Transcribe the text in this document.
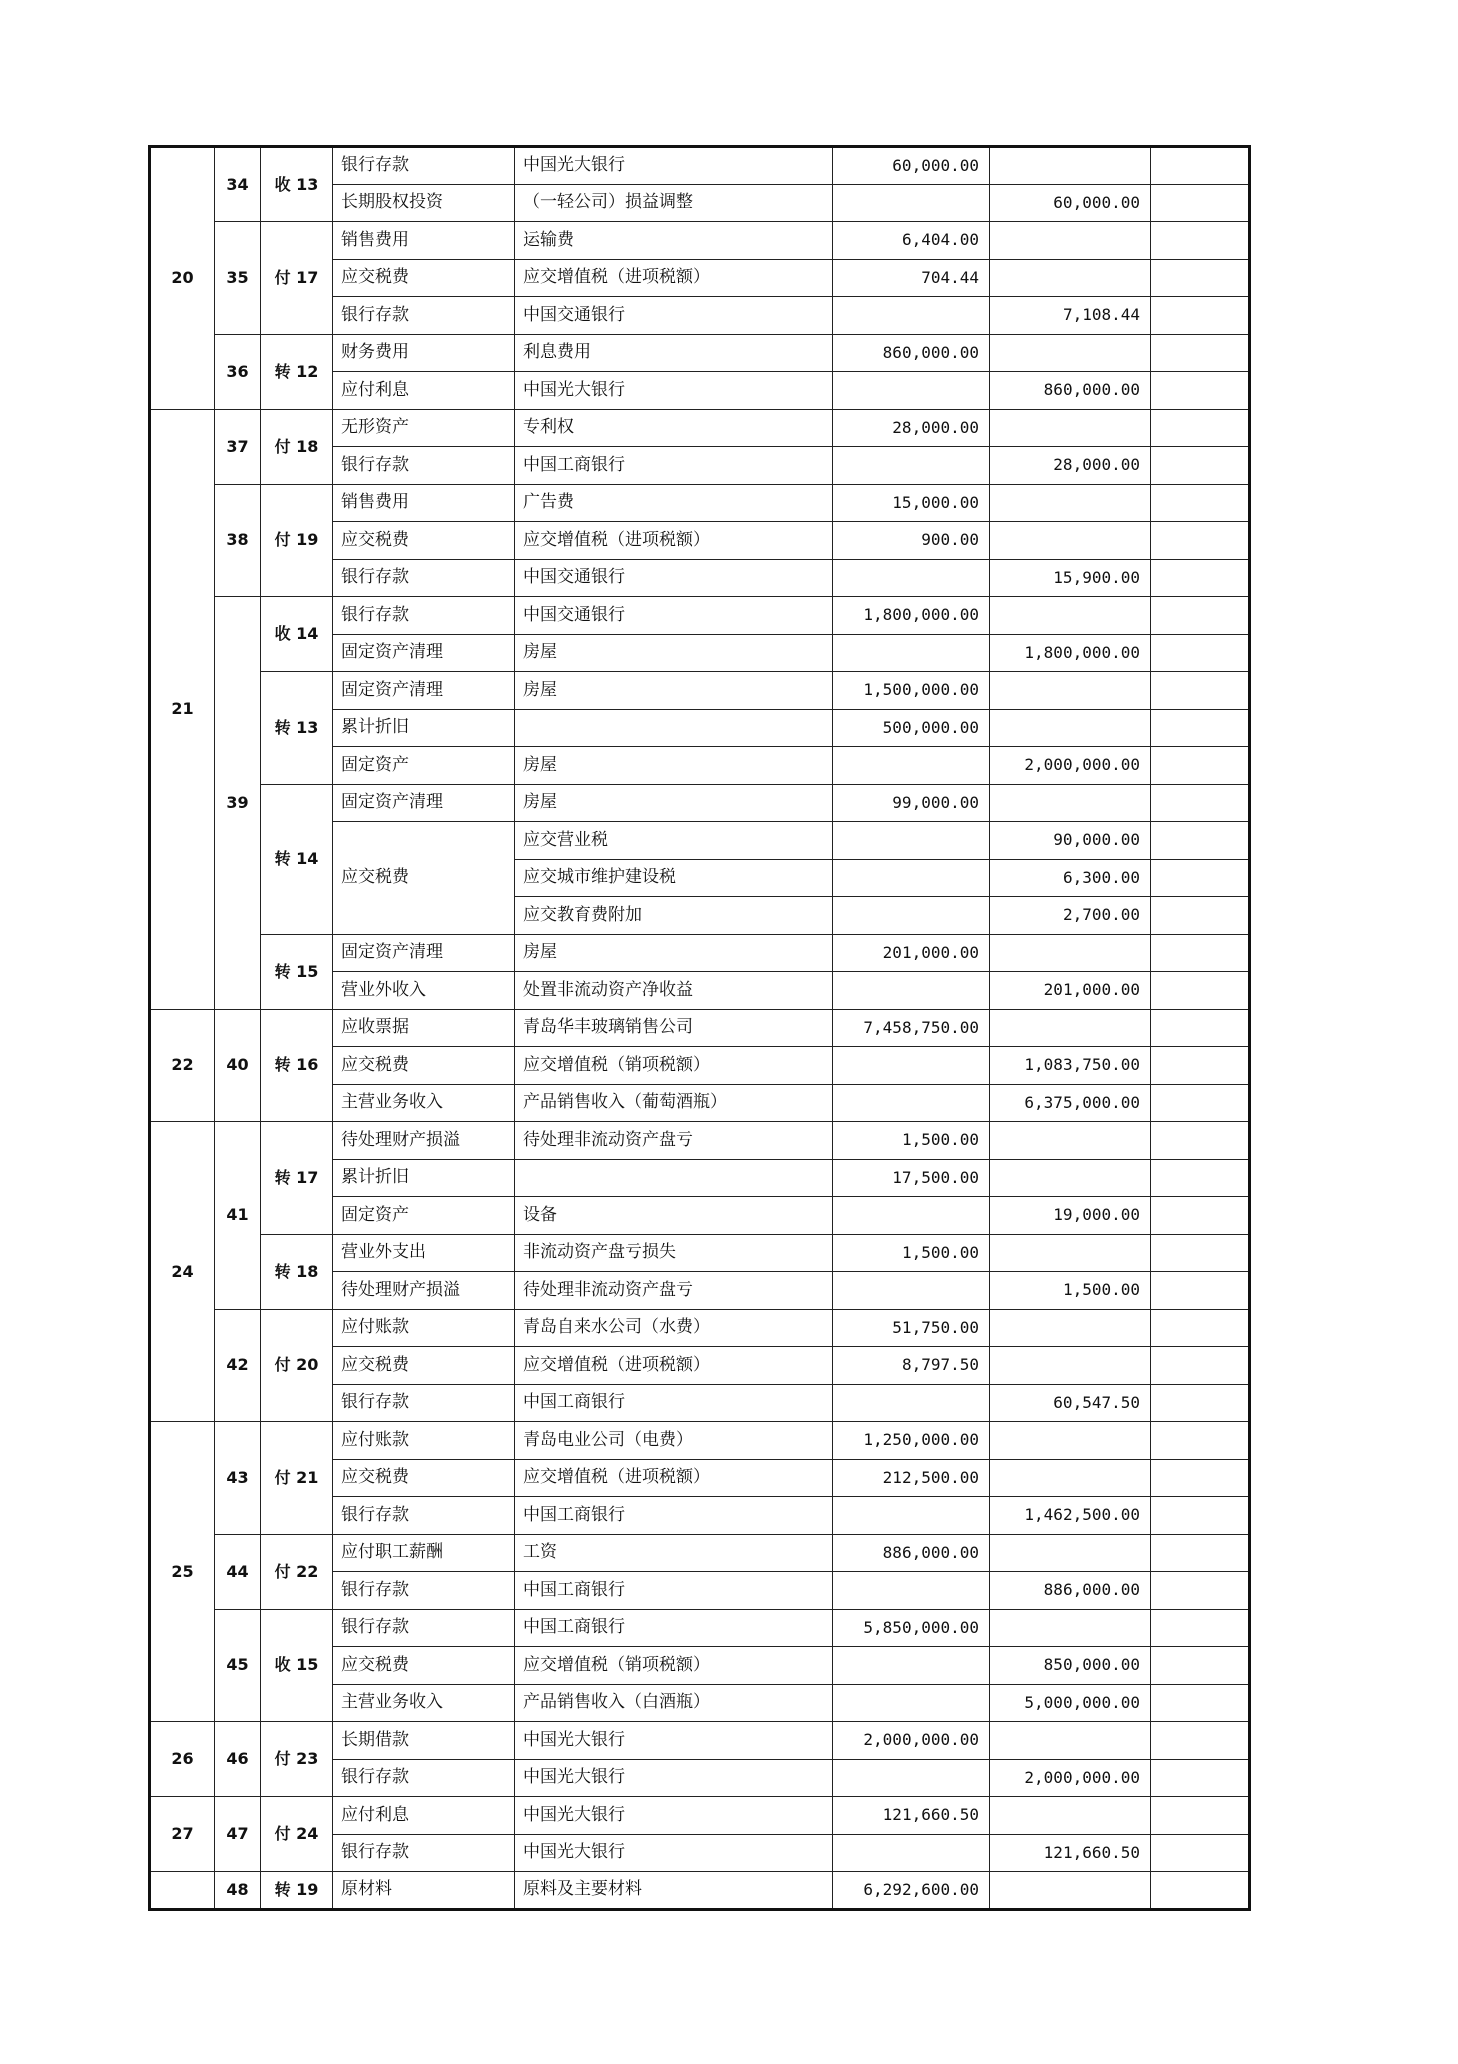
20	34	收 13	银行存款	中国光大银行	60,000.00		
			长期股权投资	（一轻公司）损益调整		60,000.00	
	35	付 17	销售费用	运输费	6,404.00		
			应交税费	应交增值税（进项税额）	704.44		
			银行存款	中国交通银行		7,108.44	
	36	转 12	财务费用	利息费用	860,000.00		
			应付利息	中国光大银行		860,000.00	
21	37	付 18	无形资产	专利权	28,000.00		
			银行存款	中国工商银行		28,000.00	
	38	付 19	销售费用	广告费	15,000.00		
			应交税费	应交增值税（进项税额）	900.00		
			银行存款	中国交通银行		15,900.00	
	39	收 14	银行存款	中国交通银行	1,800,000.00		
			固定资产清理	房屋		1,800,000.00	
		转 13	固定资产清理	房屋	1,500,000.00		
			累计折旧		500,000.00		
			固定资产	房屋		2,000,000.00	
		转 14	固定资产清理	房屋	99,000.00		
			应交税费	应交营业税		90,000.00	
				应交城市维护建设税		6,300.00	
				应交教育费附加		2,700.00	
		转 15	固定资产清理	房屋	201,000.00		
			营业外收入	处置非流动资产净收益		201,000.00	
22	40	转 16	应收票据	青岛华丰玻璃销售公司	7,458,750.00		
			应交税费	应交增值税（销项税额）		1,083,750.00	
			主营业务收入	产品销售收入（葡萄酒瓶）		6,375,000.00	
24	41	转 17	待处理财产损溢	待处理非流动资产盘亏	1,500.00		
			累计折旧		17,500.00		
			固定资产	设备		19,000.00	
		转 18	营业外支出	非流动资产盘亏损失	1,500.00		
			待处理财产损溢	待处理非流动资产盘亏		1,500.00	
	42	付 20	应付账款	青岛自来水公司（水费）	51,750.00		
			应交税费	应交增值税（进项税额）	8,797.50		
			银行存款	中国工商银行		60,547.50	
25	43	付 21	应付账款	青岛电业公司（电费）	1,250,000.00		
			应交税费	应交增值税（进项税额）	212,500.00		
			银行存款	中国工商银行		1,462,500.00	
	44	付 22	应付职工薪酬	工资	886,000.00		
			银行存款	中国工商银行		886,000.00	
	45	收 15	银行存款	中国工商银行	5,850,000.00		
			应交税费	应交增值税（销项税额）		850,000.00	
			主营业务收入	产品销售收入（白酒瓶）		5,000,000.00	
26	46	付 23	长期借款	中国光大银行	2,000,000.00		
			银行存款	中国光大银行		2,000,000.00	
27	47	付 24	应付利息	中国光大银行	121,660.50		
			银行存款	中国光大银行		121,660.50	
	48	转 19	原材料	原料及主要材料	6,292,600.00		
